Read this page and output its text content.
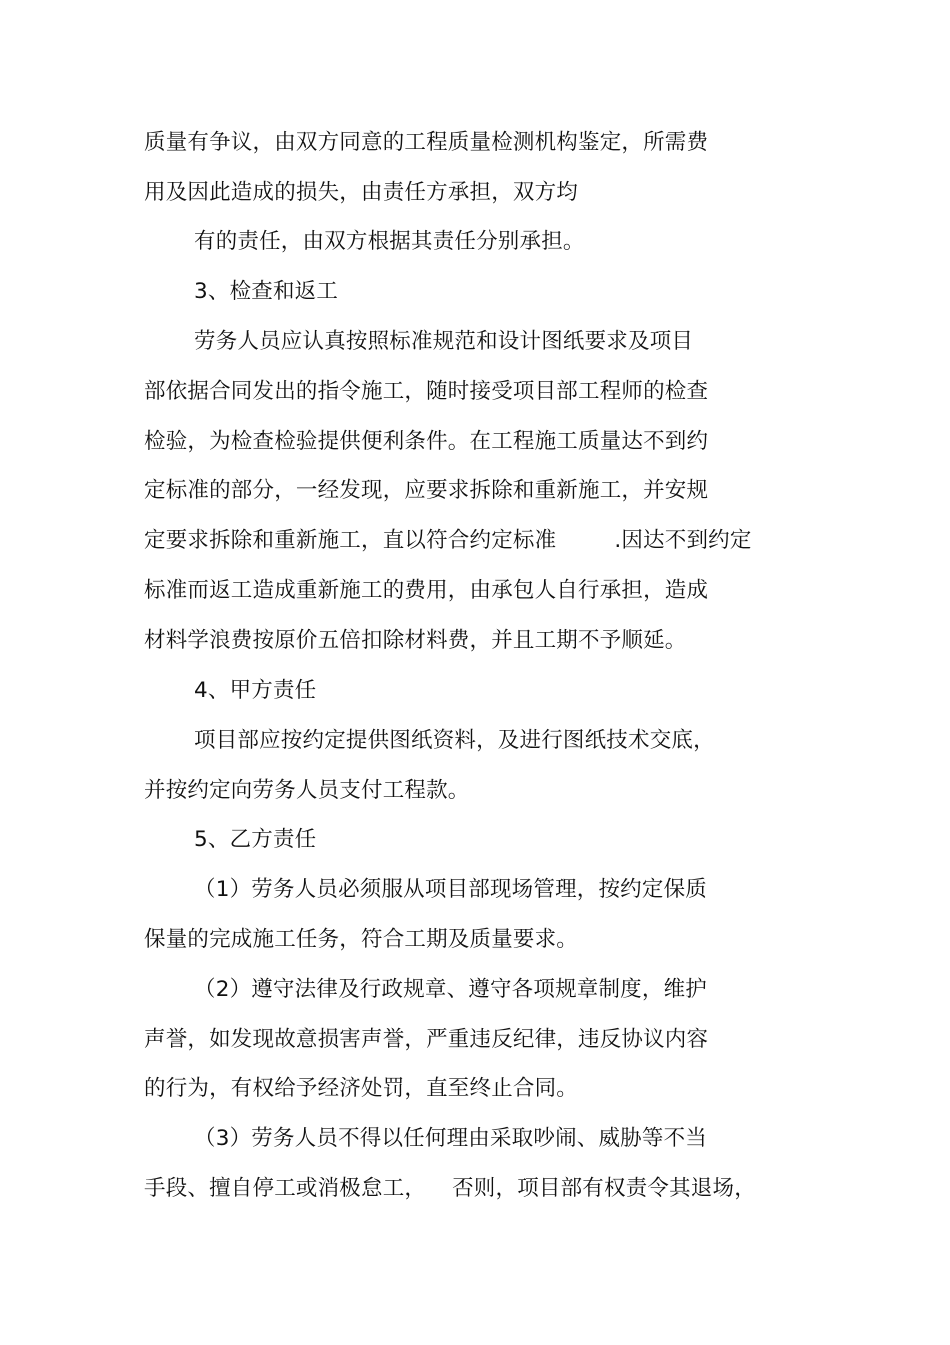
质量有争议，由双方同意的工程质量检测机构鉴定，所需费
用及因此造成的损失，由责任方承担，双方均
有的责任，由双方根据其责任分别承担。
3、检查和返工
劳务人员应认真按照标准规范和设计图纸要求及项目
部依据合同发出的指令施工，随时接受项目部工程师的检查
检验，为检查检验提供便利条件。在工程施工质量达不到约
定标准的部分，一经发现，应要求拆除和重新施工，并安规
定要求拆除和重新施工，直以符合约定标准	.因达不到约定
标准而返工造成重新施工的费用，由承包人自行承担，造成
材料学浪费按原价五倍扣除材料费，并且工期不予顺延。
4、甲方责任
项目部应按约定提供图纸资料，及进行图纸技术交底，
并按约定向劳务人员支付工程款。
5、乙方责任
（1）劳务人员必须服从项目部现场管理，按约定保质
保量的完成施工任务，符合工期及质量要求。
（2）遵守法律及行政规章、遵守各项规章制度，维护
声誉，如发现故意损害声誉，严重违反纪律，违反协议内容
的行为，有权给予经济处罚，直至终止合同。
（3）劳务人员不得以任何理由采取吵闹、威胁等不当
手段、擅自停工或消极怠工， 否则，项目部有权责令其退场，
